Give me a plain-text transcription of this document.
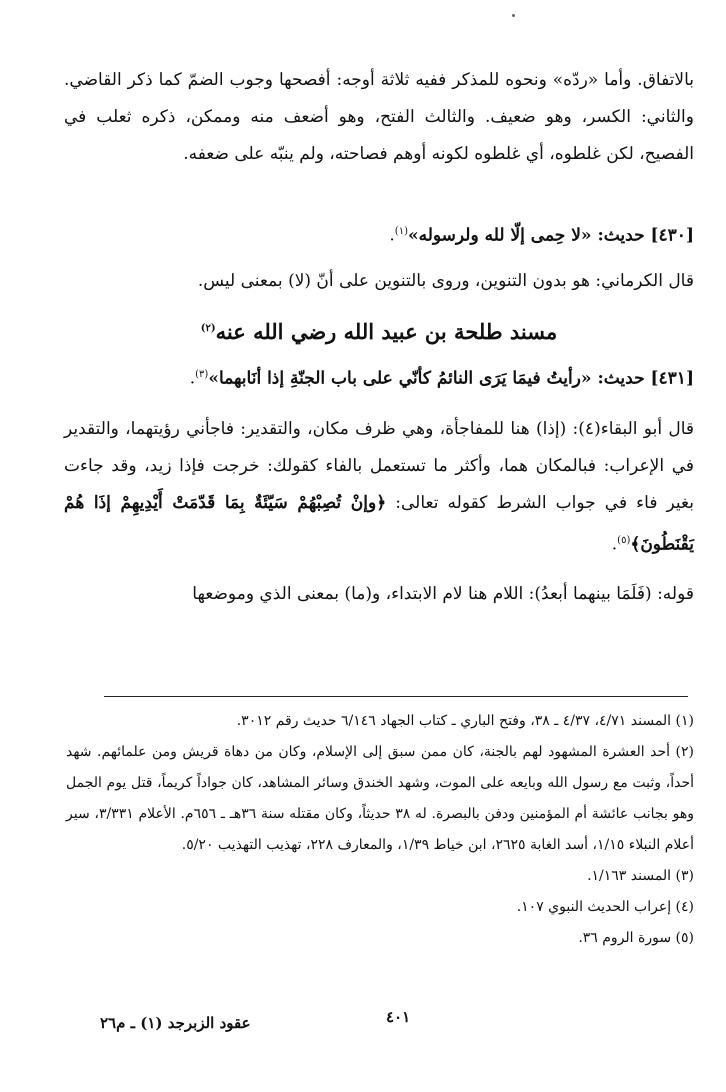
بالاتفاق. وأما «ردّه» ونحوه للمذكر ففيه ثلاثة أوجه: أفصحها وجوب الضمّ كما ذكر القاضي. والثاني: الكسر، وهو ضعيف. والثالث الفتح، وهو أضعف منه وممكن، ذكره ثعلب في الفصيح، لكن غلطوه، أي غلطوه لكونه أوهم فصاحته، ولم ينبّه على ضعفه.

[٤٣٠] حديث: «لا حِمى إلّا لله ولرسوله»$^{(١)}$.

قال الكرماني: هو بدون التنوين، وروى بالتنوين على أنّ (لا) بمعنى ليس.

مسند طلحة بن عبيد الله رضي الله عنه$^{(٢)}$

[٤٣١] حديث: «رأيتُ فيمَا يَرَى النائمُ كأنّي على باب الجنّةِ إذا أنَابهما»$^{(٣)}$.

قال أبو البقاء(٤): (إذا) هنا للمفاجأة، وهي ظرف مكان، والتقدير: فاجأني رؤيتهما، والتقدير في الإعراب: فبالمكان هما، وأكثر ما تستعمل بالفاء كقولك: خرجت فإذا زيد، وقد جاءت بغير فاء في جواب الشرط كقوله تعالى: ﴿وإنْ تُصِبْهُمْ سَيّئَةٌ بِمَا قَدّمَتْ أَيْدِيهِمْ إذَا هُمْ يَقْنَطُونَ﴾$^{(٥)}$.

قوله: (فَلَمَا بينهما أبعدُ): اللام هنا لام الابتداء، و(ما) بمعنى الذي وموضعها

(١) المسند ٤/٧١، ٤/٣٧ ـ ٣٨، وفتح الباري ـ كتاب الجهاد ٦/١٤٦ حديث رقم ٣٠١٢.

(٢) أحد العشرة المشهود لهم بالجنة، كان ممن سبق إلى الإسلام، وكان من دهاة قريش ومن علمائهم. شهد أحداً، وثبت مع رسول الله وبايعه على الموت، وشهد الخندق وسائر المشاهد، كان جواداً كريماً، قتل يوم الجمل وهو بجانب عائشة أم المؤمنين ودفن بالبصرة. له ٣٨ حديثاً، وكان مقتله سنة ٣٦هـ ـ ٦٥٦م. الأعلام ٣/٣٣١، سير أعلام النبلاء ١/١٥، أسد الغابة ٢٦٢٥، ابن خياط ١/٣٩، والمعارف ٢٢٨، تهذيب التهذيب ٥/٢٠.

(٣) المسند ١/١٦٣.

(٤) إعراب الحديث النبوي ١٠٧.

(٥) سورة الروم ٣٦.

٤٠١
عقود الزبرجد (١) ـ م٢٦
